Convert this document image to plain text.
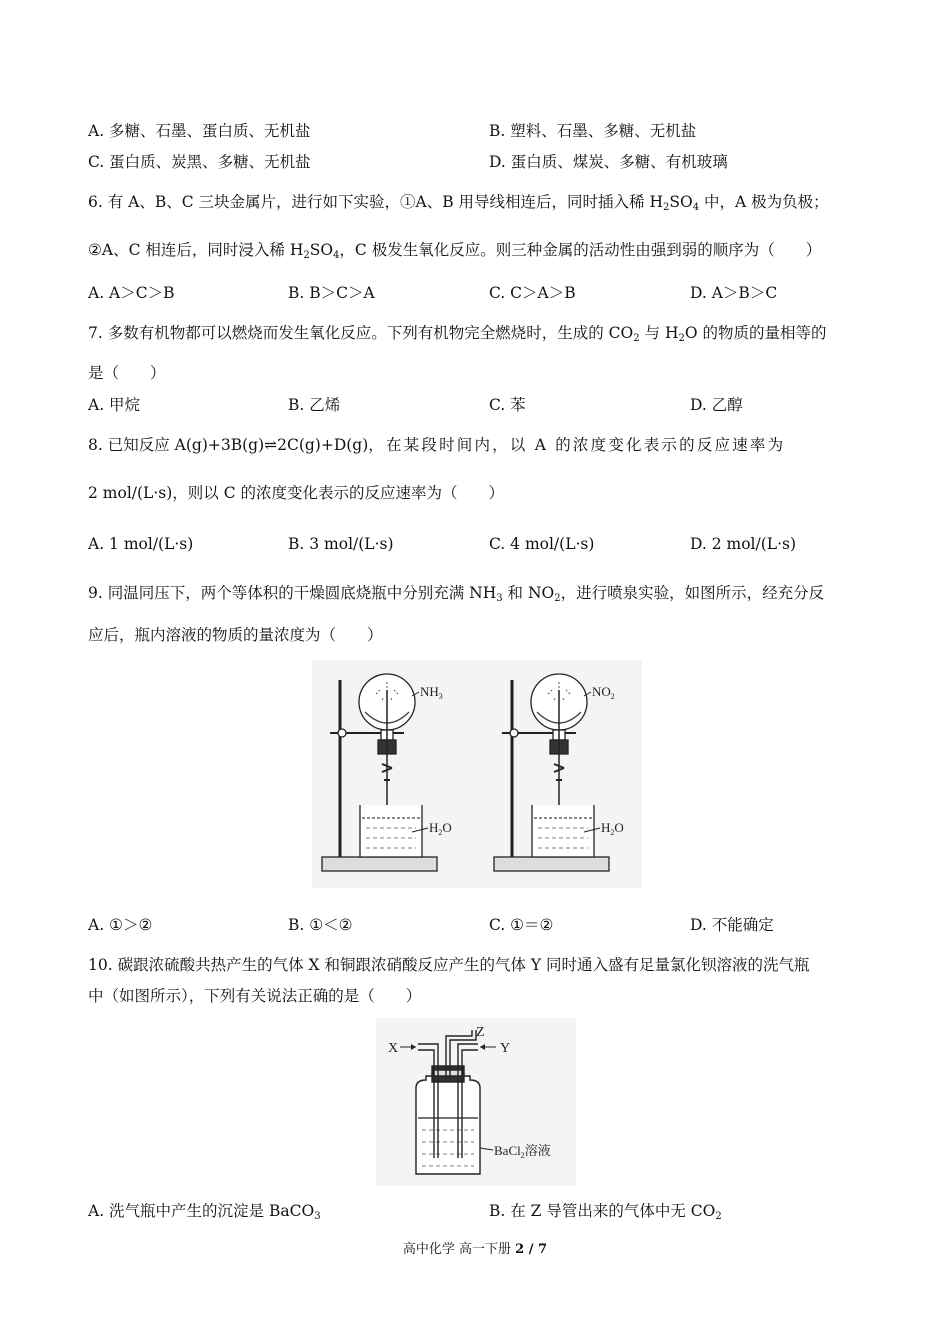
A. 多糖、石墨、蛋白质、无机盐	B. 塑料、石墨、多糖、无机盐
C. 蛋白质、炭黑、多糖、无机盐	D. 蛋白质、煤炭、多糖、有机玻璃
6. 有 A、B、C 三块金属片，进行如下实验，①A、B 用导线相连后，同时插入稀 $H_2SO_4$ 中，A 极为负极；
②A、C 相连后，同时浸入稀 $H_2SO_4$，C 极发生氧化反应。则三种金属的活动性由强到弱的顺序为（　　）
A. A＞C＞B	B. B＞C＞A	C. C＞A＞B	D. A＞B＞C
7. 多数有机物都可以燃烧而发生氧化反应。下列有机物完全燃烧时，生成的 $CO_2$ 与 $H_2O$ 的物质的量相等的
是（　　）
A. 甲烷	B. 乙烯	C. 苯	D. 乙醇
8. 已知反应 A(g)+3B(g)⇌2C(g)+D(g)，在某段时间内，以 A 的浓度变化表示的反应速率为
2 mol/(L·s)，则以 C 的浓度变化表示的反应速率为（　　）
A. 1 mol/(L·s)	B. 3 mol/(L·s)	C. 4 mol/(L·s)	D. 2 mol/(L·s)
9. 同温同压下，两个等体积的干燥圆底烧瓶中分别充满 $NH_3$ 和 $NO_2$，进行喷泉实验，如图所示，经充分反
应后，瓶内溶液的物质的量浓度为（　　）
$NH_3$
$H_2O$
$NO_2$
$H_2O$
A. ①＞②	B. ①＜②	C. ①＝②	D. 不能确定
10. 碳跟浓硫酸共热产生的气体 X 和铜跟浓硝酸反应产生的气体 Y 同时通入盛有足量氯化钡溶液的洗气瓶
中（如图所示），下列有关说法正确的是（　　）
X	Y
Z
BaCl$_2$溶液
A. 洗气瓶中产生的沉淀是 BaCO$_3$	B. 在 Z 导管出来的气体中无 $CO_2$
高中化学 高一下册 2 / 7
